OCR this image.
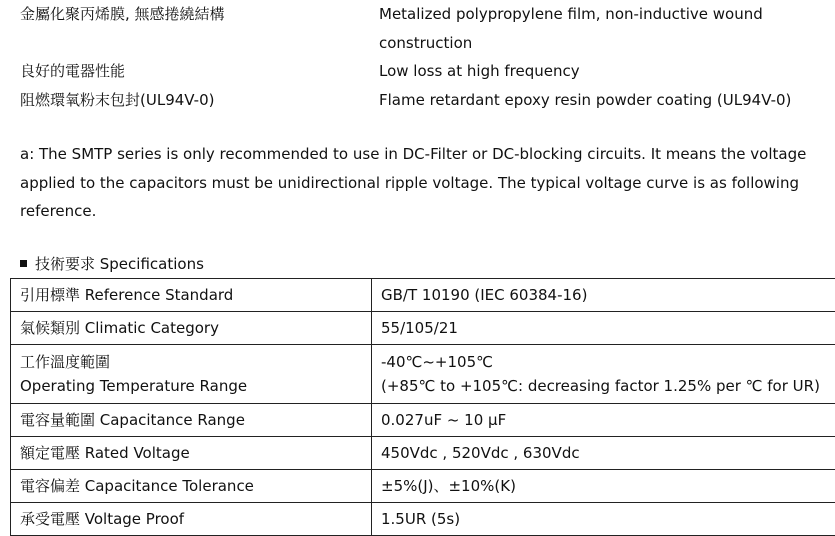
金屬化聚丙烯膜, 無感捲繞結構	Metalized polypropylene film, non-inductive wound construction
良好的電器性能	Low loss at high frequency
阻燃環氧粉末包封(UL94V-0)	Flame retardant epoxy resin powder coating (UL94V-0)
a: The SMTP series is only recommended to use in DC-Filter or DC-blocking circuits. It means the voltage applied to the capacitors must be unidirectional ripple voltage. The typical voltage curve is as following reference.
技術要求 Specifications
引用標準 Reference Standard	GB/T 10190 (IEC 60384-16)
氣候類別 Climatic Category	55/105/21

工作溫度範圍
Operating Temperature Range	-40℃~+105℃
(+85℃ to +105℃: decreasing factor 1.25% per ℃ for UR)

電容量範圍 Capacitance Range	0.027uF ~ 10 µF
額定電壓 Rated Voltage	450Vdc , 520Vdc , 630Vdc
電容偏差 Capacitance Tolerance	±5%(J)、±10%(K)
承受電壓 Voltage Proof	1.5UR (5s)
